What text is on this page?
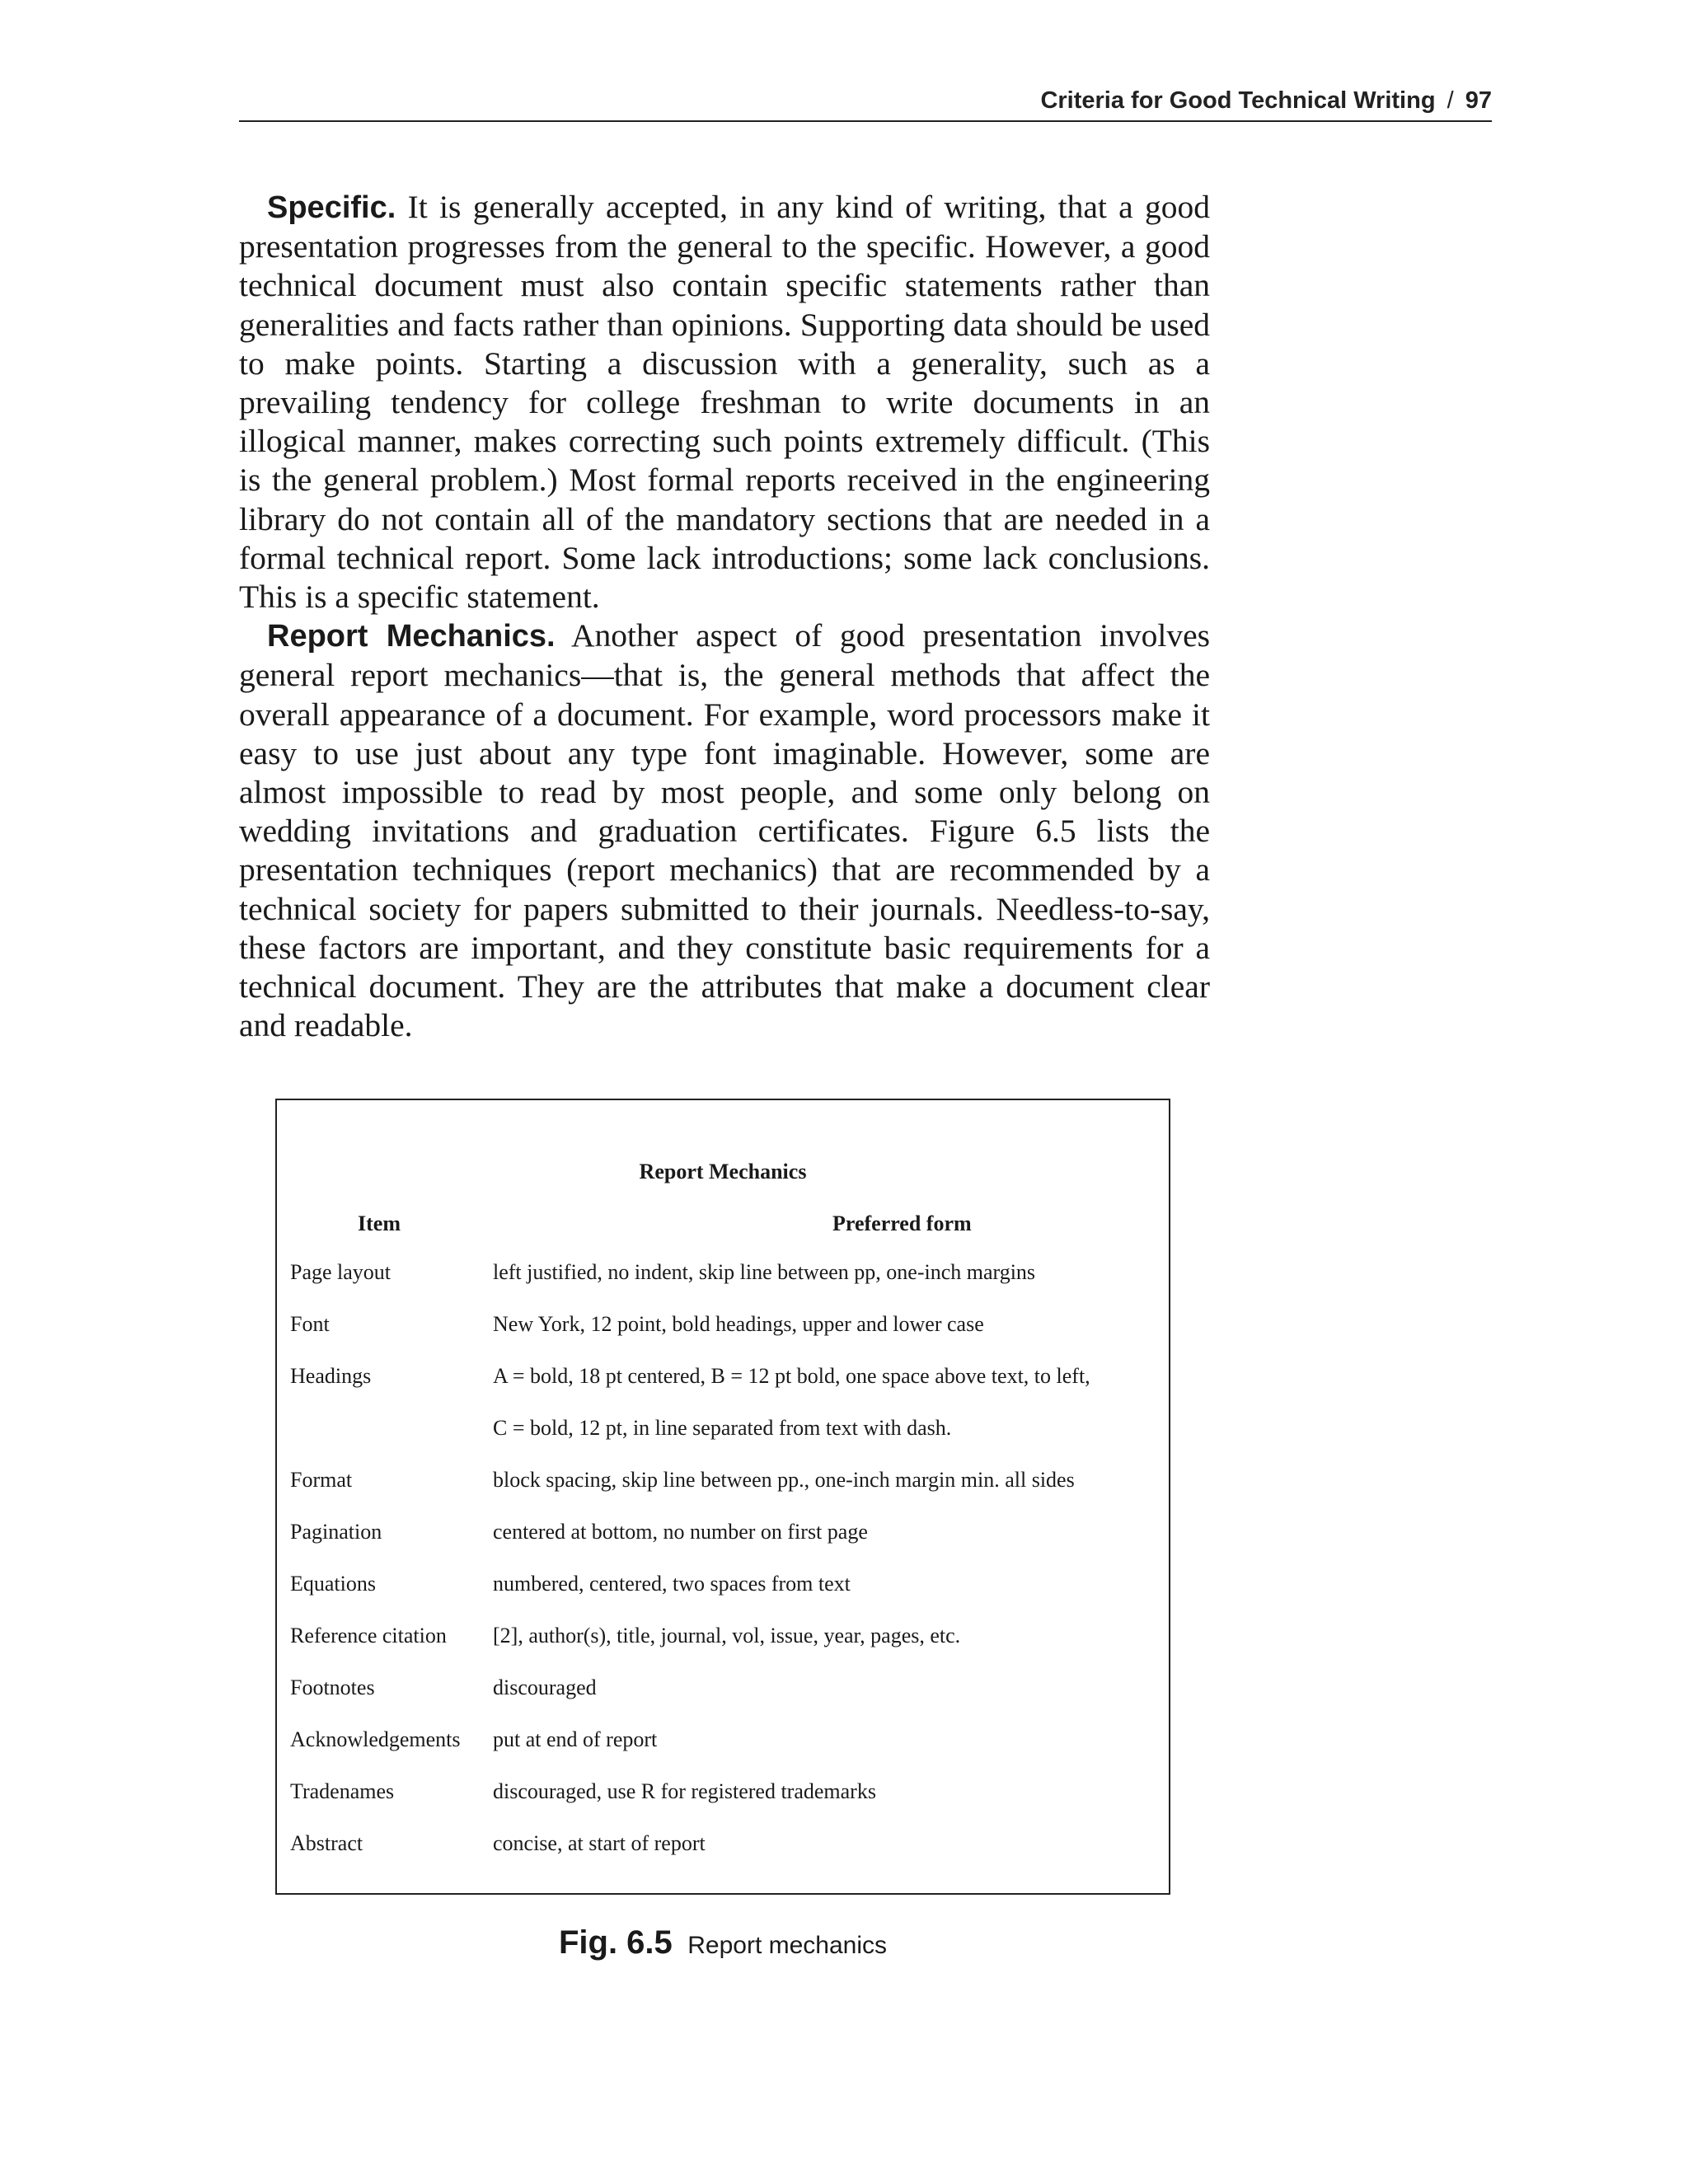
Criteria for Good Technical Writing / 97

Specific. It is generally accepted, in any kind of writing, that a good presentation progresses from the general to the specific. However, a good technical document must also contain specific statements rather than generalities and facts rather than opinions. Supporting data should be used to make points. Starting a discussion with a generality, such as a prevailing tendency for college freshman to write documents in an illogical manner, makes correcting such points extremely difficult. (This is the general problem.) Most formal reports received in the engineering library do not contain all of the mandatory sections that are needed in a formal technical report. Some lack introductions; some lack conclusions. This is a specific statement.

Report Mechanics. Another aspect of good presentation involves general report mechanics—that is, the general methods that affect the overall appearance of a document. For example, word processors make it easy to use just about any type font imaginable. However, some are almost impossible to read by most people, and some only belong on wedding invitations and graduation certificates. Figure 6.5 lists the presentation techniques (report mechanics) that are recommended by a technical society for papers submitted to their journals. Needless-to-say, these factors are important, and they constitute basic requirements for a technical document. They are the attributes that make a document clear and readable.

Report Mechanics
Item	Preferred form
Page layout	left justified, no indent, skip line between pp, one-inch margins
Font	New York, 12 point, bold headings, upper and lower case
Headings	A = bold, 18 pt centered, B = 12 pt bold, one space above text, to left,
C = bold, 12 pt, in line separated from text with dash.
Format	block spacing, skip line between pp., one-inch margin min. all sides
Pagination	centered at bottom, no number on first page
Equations	numbered, centered, two spaces from text
Reference citation [2], author(s), title, journal, vol, issue, year, pages, etc.
Footnotes	discouraged
Acknowledgements put at end of report
Tradenames	discouraged, use R for registered trademarks
Abstract	concise, at start of report
Fig. 6.5 Report mechanics
